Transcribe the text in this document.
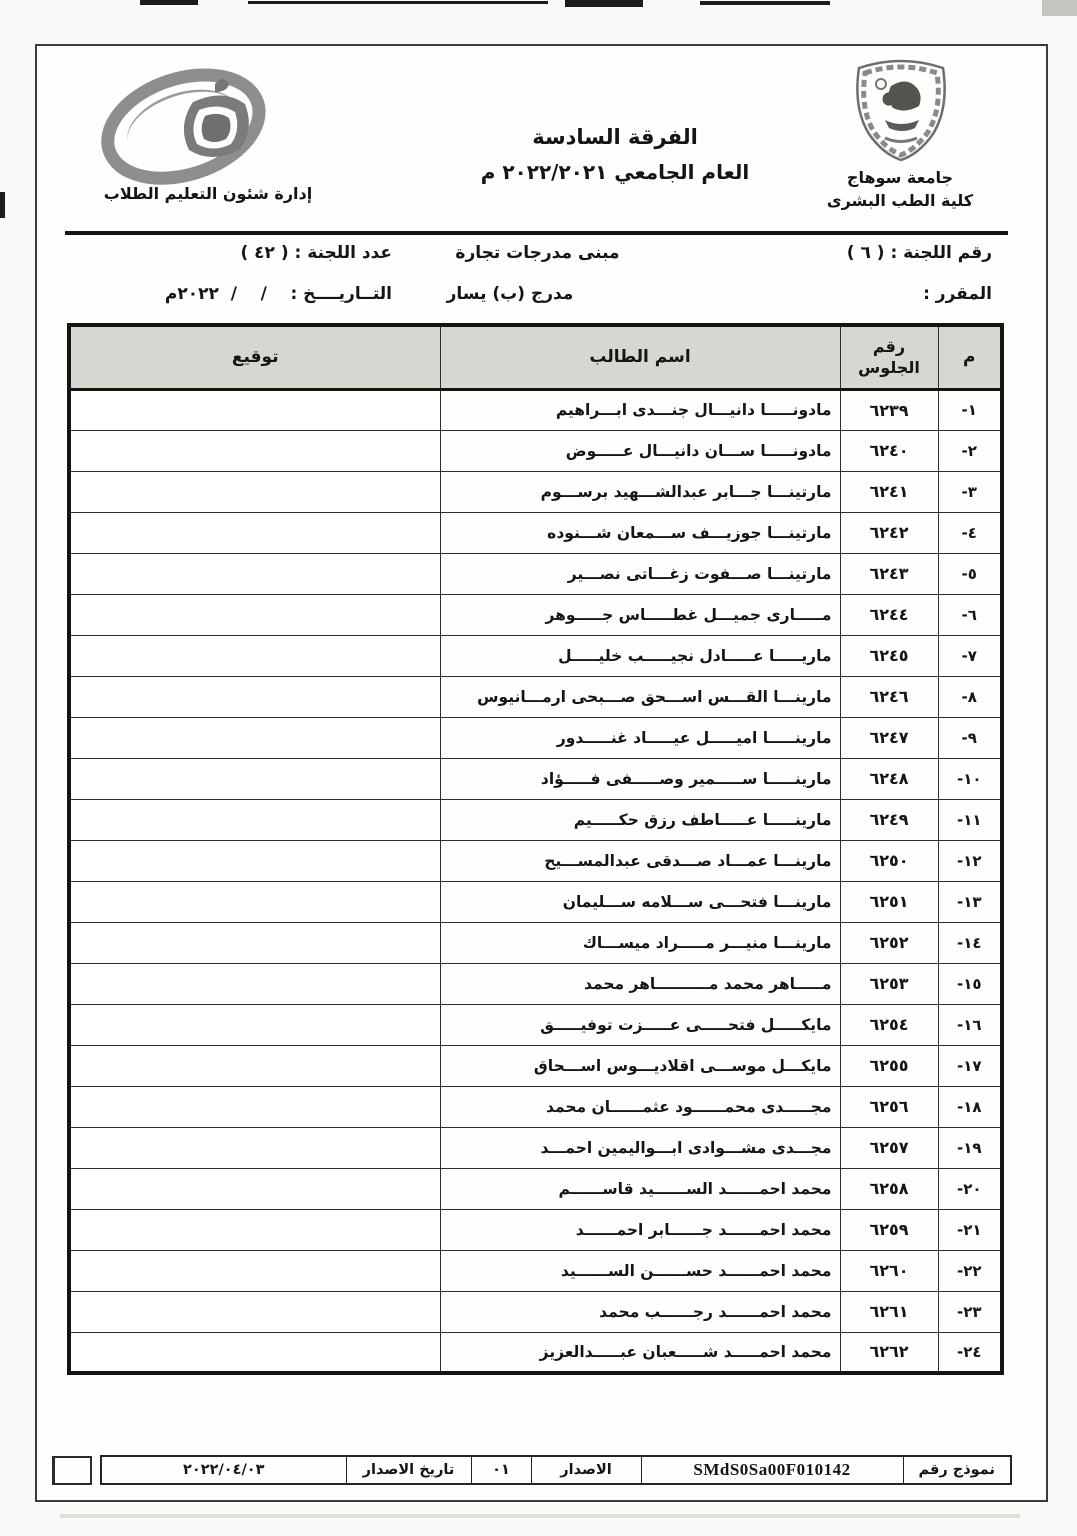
إدارة شئون التعليم الطلاب
الفرقة السادسة
العام الجامعي ٢٠٢٢/٢٠٢١ م	جامعة سوهاج
كلية الطب البشرى
رقم اللجنة : ( ٦ )
المقرر :
مبنى مدرجات تجارة
مدرج (ب) يسار
عدد اللجنة : ( ٤٢ )
التــاريــــخ :    /    /  ٢٠٢٢م
م	رقم
الجلوس	اسم الطالب	توقيع
١-	٦٢٣٩	مادونـــــا دانيـــال جنـــدى ابـــراهيم	
٢-	٦٢٤٠	مادونـــــا ســـان دانيـــال عـــــوض	
٣-	٦٢٤١	مارتينـــا جـــابر عبدالشـــهيد برســـوم	
٤-	٦٢٤٢	مارتينـــا جوزيـــف ســـمعان شـــنوده	
٥-	٦٢٤٣	مارتينـــا صـــفوت زغـــاتى نصـــير	
٦-	٦٢٤٤	مـــــارى جميـــل غطـــــاس جـــــوهر	
٧-	٦٢٤٥	ماريـــــا عـــــادل نجيـــــب خليـــــل	
٨-	٦٢٤٦	مارينـــا القـــس اســـحق صـــبحى ارمـــانيوس	
٩-	٦٢٤٧	مارينـــــا اميـــــل عيـــــاد غنـــــدور	
١٠-	٦٢٤٨	مارينـــــا ســـــمير وصـــــفى فـــــؤاد	
١١-	٦٢٤٩	مارينـــــا عـــــاطف رزق حكـــــيم	
١٢-	٦٢٥٠	مارينـــا عمـــاد صـــدقى عبدالمســـيح	
١٣-	٦٢٥١	مارينـــا فتحـــى ســـلامه ســـليمان	
١٤-	٦٢٥٢	مارينـــا منيـــر مـــــراد ميســـاك	
١٥-	٦٢٥٣	مـــــاهر محمد مــــــــــاهر محمد	
١٦-	٦٢٥٤	مايكـــــل فتحـــــى عـــــزت توفيـــــق	
١٧-	٦٢٥٥	مايكـــل موســـى اقلاديـــوس اســـحاق	
١٨-	٦٢٥٦	مجـــــدى محمــــــود عثمــــــان محمد	
١٩-	٦٢٥٧	مجـــدى مشـــوادى ابـــواليمين احمـــد	
٢٠-	٦٢٥٨	محمد احمــــــد الســــــيد قاســــــم	
٢١-	٦٢٥٩	محمد احمــــــد جــــــابر احمــــــد	
٢٢-	٦٢٦٠	محمد احمــــــد حســــــن الســــــيد	
٢٣-	٦٢٦١	محمد احمــــــد رجــــــب محمد	
٢٤-	٦٢٦٢	محمد احمـــــد شـــــعبان عبـــــدالعزيز	
نموذج رقم	SMdS0Sa00F010142	الاصدار	٠١	تاريخ الاصدار	٢٠٢٢/٠٤/٠٣
